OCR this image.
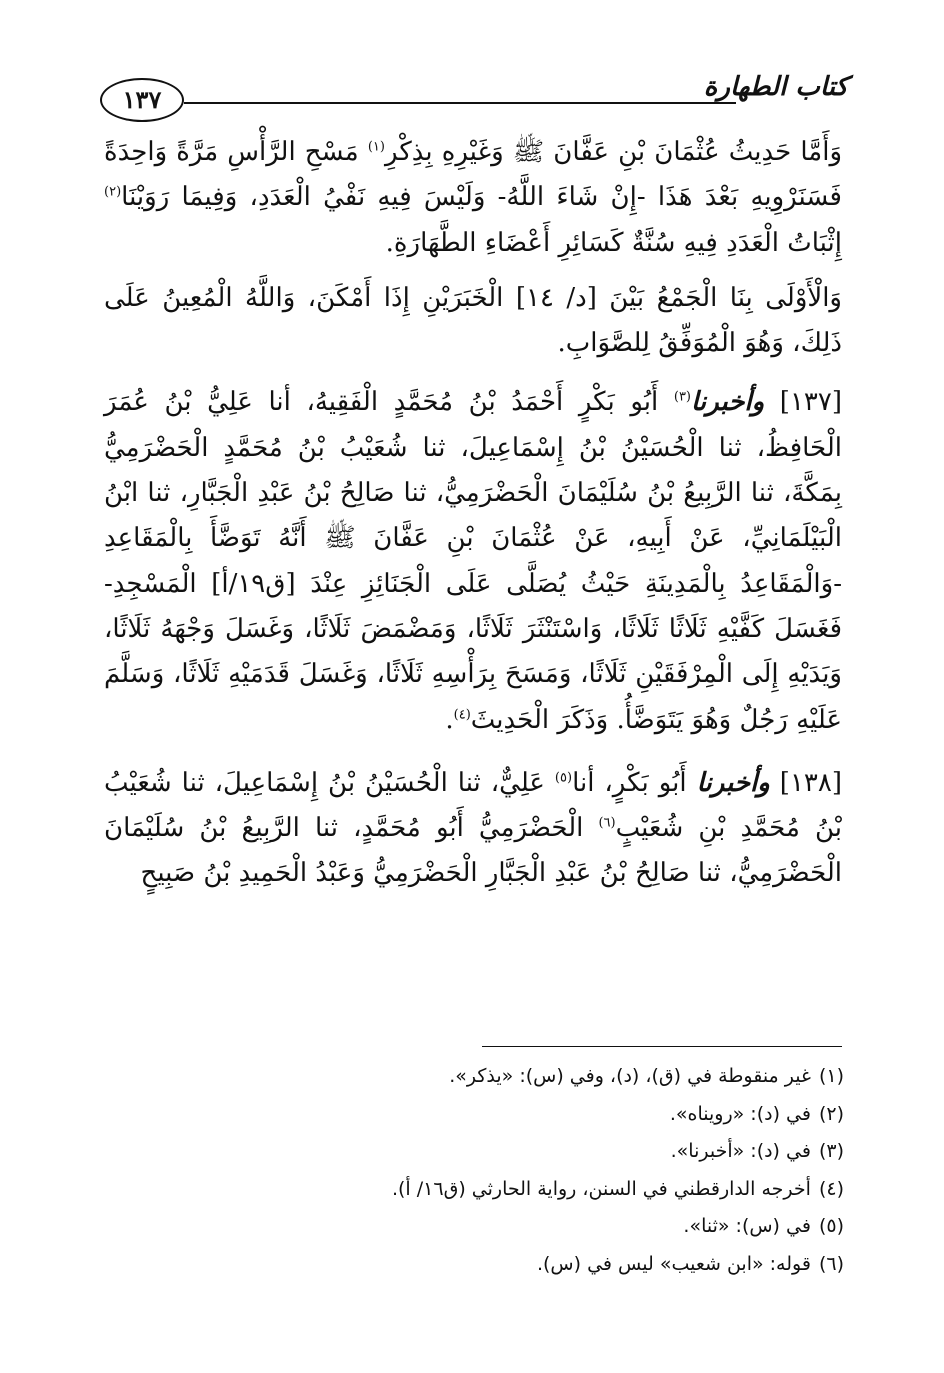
كتاب الطهارة
١٣٧

وَأَمَّا حَدِيثُ عُثْمَانَ بْنِ عَفَّانَ ﷺ وَغَيْرِهِ بِذِكْرِ$^{(١)}$ مَسْحِ الرَّأْسِ مَرَّةً وَاحِدَةً فَسَنَرْوِيهِ بَعْدَ هَذَا -إِنْ شَاءَ اللَّهُ- وَلَيْسَ فِيهِ نَفْيُ الْعَدَدِ، وَفِيمَا رَوَيْنَا$^{(٢)}$ إِثْبَاتُ الْعَدَدِ فِيهِ سُنَّةٌ كَسَائِرِ أَعْضَاءِ الطَّهَارَةِ.

وَالْأَوْلَى بِنَا الْجَمْعُ بَيْنَ [د/ ١٤] الْخَبَرَيْنِ إِذَا أَمْكَنَ، وَاللَّهُ الْمُعِينُ عَلَى ذَلِكَ، وَهُوَ الْمُوَفِّقُ لِلصَّوَابِ.

[١٣٧] وأخبرنا$^{(٣)}$ أَبُو بَكْرٍ أَحْمَدُ بْنُ مُحَمَّدٍ الْفَقِيهُ، أنا عَلِيُّ بْنُ عُمَرَ الْحَافِظُ، ثنا الْحُسَيْنُ بْنُ إِسْمَاعِيلَ، ثنا شُعَيْبُ بْنُ مُحَمَّدٍ الْحَضْرَمِيُّ بِمَكَّةَ، ثنا الرَّبِيعُ بْنُ سُلَيْمَانَ الْحَضْرَمِيُّ، ثنا صَالِحُ بْنُ عَبْدِ الْجَبَّارِ، ثنا ابْنُ الْبَيْلَمَانِيِّ، عَنْ أَبِيهِ، عَنْ عُثْمَانَ بْنِ عَفَّانَ ﷺ أَنَّهُ تَوَضَّأَ بِالْمَقَاعِدِ -وَالْمَقَاعِدُ بِالْمَدِينَةِ حَيْثُ يُصَلَّى عَلَى الْجَنَائِزِ عِنْدَ [ق١٩/أ] الْمَسْجِدِ- فَغَسَلَ كَفَّيْهِ ثَلَاثًا ثَلَاثًا، وَاسْتَنْثَرَ ثَلَاثًا، وَمَضْمَضَ ثَلَاثًا، وَغَسَلَ وَجْهَهُ ثَلَاثًا، وَيَدَيْهِ إِلَى الْمِرْفَقَيْنِ ثَلَاثًا، وَمَسَحَ بِرَأْسِهِ ثَلَاثًا، وَغَسَلَ قَدَمَيْهِ ثَلَاثًا، وَسَلَّمَ عَلَيْهِ رَجُلٌ وَهُوَ يَتَوَضَّأُ. وَذَكَرَ الْحَدِيثَ$^{(٤)}$.

[١٣٨] وأخبرنا أَبُو بَكْرٍ، أنا$^{(٥)}$ عَلِيٌّ، ثنا الْحُسَيْنُ بْنُ إِسْمَاعِيلَ، ثنا شُعَيْبُ بْنُ مُحَمَّدِ بْنِ شُعَيْبٍ$^{(٦)}$ الْحَضْرَمِيُّ أَبُو مُحَمَّدٍ، ثنا الرَّبِيعُ بْنُ سُلَيْمَانَ الْحَضْرَمِيُّ، ثنا صَالِحُ بْنُ عَبْدِ الْجَبَّارِ الْحَضْرَمِيُّ وَعَبْدُ الْحَمِيدِ بْنُ صَبِيحٍ

(١)غير منقوطة في (ق)، (د)، وفي (س): «يذكر».

(٢)في (د): «رويناه».

(٣)في (د): «أخبرنا».

(٤)أخرجه الدارقطني في السنن، رواية الحارثي (ق١٦/ أ).

(٥)في (س): «ثنا».

(٦)قوله: «ابن شعيب» ليس في (س).
